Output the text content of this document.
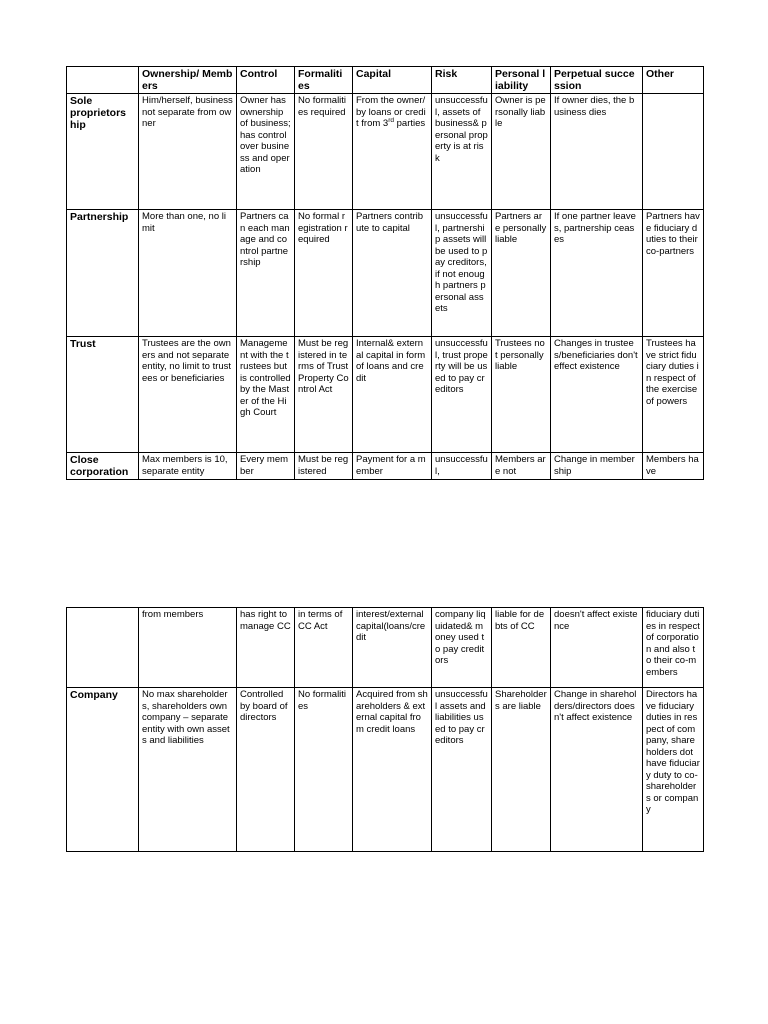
	Ownership/ Members	Control	Formaliti es	Capital	Risk	Personal liability	Perpetual succession	Other
Sole proprietors hip	Him/herself, business not separate from owner	Owner has ownership of business; has control over business and operation	No formalities required	From the owner/by loans or credit from 3rd parties	unsuccessful, assets of business& personal property is at risk	Owner is personally liable	If owner dies, the business dies	
Partnership	More than one, no limit	Partners can each manage and control partnership	No formal registration required	Partners contribute to capital	unsuccessful, partnership assets will be used to pay creditors, if not enough partners personal assets	Partners are personally liable	If one partner leaves, partnership ceases	Partners have fiduciary duties to their co-partners
Trust	Trustees are the owners and not separate entity, no limit to trustees or beneficiaries	Management with the trustees but is controlled by the Master of the High Court	Must be registered in terms of Trust Property Control Act	Internal& external capital in form of loans and credit	unsuccessful, trust property will be used to pay creditors	Trustees not personally liable	Changes in trustees/beneficiaries don't effect existence	Trustees have strict fiduciary duties in respect of the exercise of powers
Close corporation	Max members is 10, separate entity	Every member	Must be registered	Payment for a member	unsuccessful,	Members are not	Change in membership	Members have
	from members	has right to manage CC	in terms of CC Act	interest/external capital(loans/credit	company liquidated& money used to pay creditors	liable for debts of CC	doesn't affect existence	fiduciary duties in respect of corporation and also to their co-members
Company	No max shareholders, shareholders own company – separate entity with own assets and liabilities	Controlled by board of directors	No formalities	Acquired from shareholders & external capital from credit loans	unsuccessful assets and liabilities used to pay creditors	Shareholders are liable	Change in shareholders/directors doesn't affect existence	Directors have fiduciary duties in respect of company, shareholders dot have fiduciary duty to co-shareholders or company
